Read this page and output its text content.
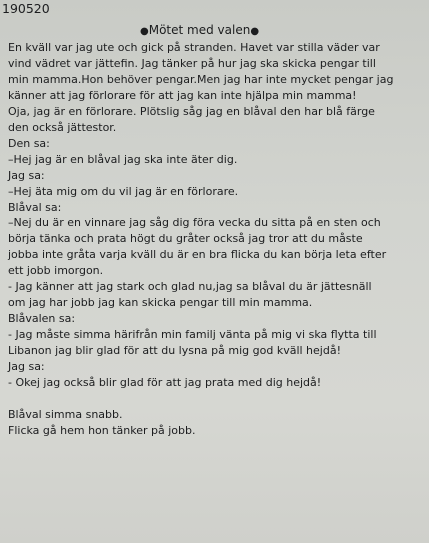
190520
●Mötet med valen●

En kväll var jag ute och gick på stranden. Havet var stilla väder var

vind vädret var jättefin. Jag tänker på hur jag ska skicka pengar till

min mamma.Hon behöver pengar.Men jag har inte mycket pengar jag

känner att jag förlorare för att jag kan inte hjälpa min mamma!

Oja, jag är en förlorare. Plötslig såg jag en blåval den har blå färge

den också jättestor.

Den sa:

–Hej jag är en blåval jag ska inte äter dig.

Jag sa:

–Hej äta mig om du vil jag är en förlorare.

Blåval sa:

–Nej du är en vinnare jag såg dig föra vecka du sitta på en sten och

börja tänka och prata högt du gråter också jag tror att du måste

jobba inte gråta varja kväll du är en bra flicka du kan börja leta efter

ett jobb imorgon.

- Jag känner att jag stark och glad nu,jag sa blåval du är jättesnäll

om jag har jobb jag kan skicka pengar till min mamma.

Blåvalen sa:

- Jag måste simma härifrån min familj vänta på mig vi ska flytta till

Libanon jag blir glad för att du lysna på mig god kväll hejdå!

Jag sa:

- Okej jag också blir glad för att jag prata med dig hejdå!

Blåval simma snabb.

Flicka gå hem hon tänker på jobb.
